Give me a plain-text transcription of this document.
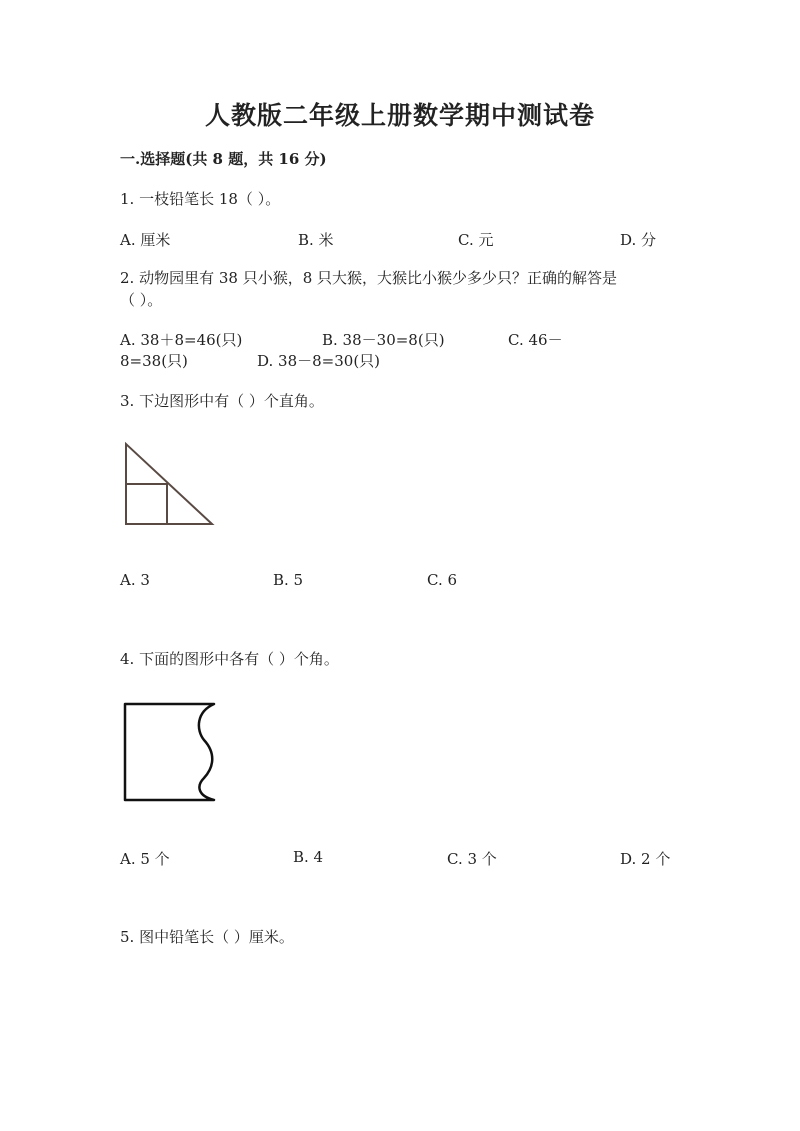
人教版二年级上册数学期中测试卷
一.选择题(共 8 题，共 16 分)
1. 一枝铅笔长 18（ ）。
A. 厘米	B. 米	C. 元	D. 分
2. 动物园里有 38 只小猴，8 只大猴，大猴比小猴少多少只？正确的解答是
（ ）。
A. 38＋8=46(只)	B. 38－30=8(只)	C. 46－
8=38(只)	D. 38－8=30(只)
3. 下边图形中有（ ）个直角。
A. 3	B. 5	C. 6
4. 下面的图形中各有（ ）个角。
A. 5 个	B. 4	C. 3 个	D. 2 个
5. 图中铅笔长（ ）厘米。
